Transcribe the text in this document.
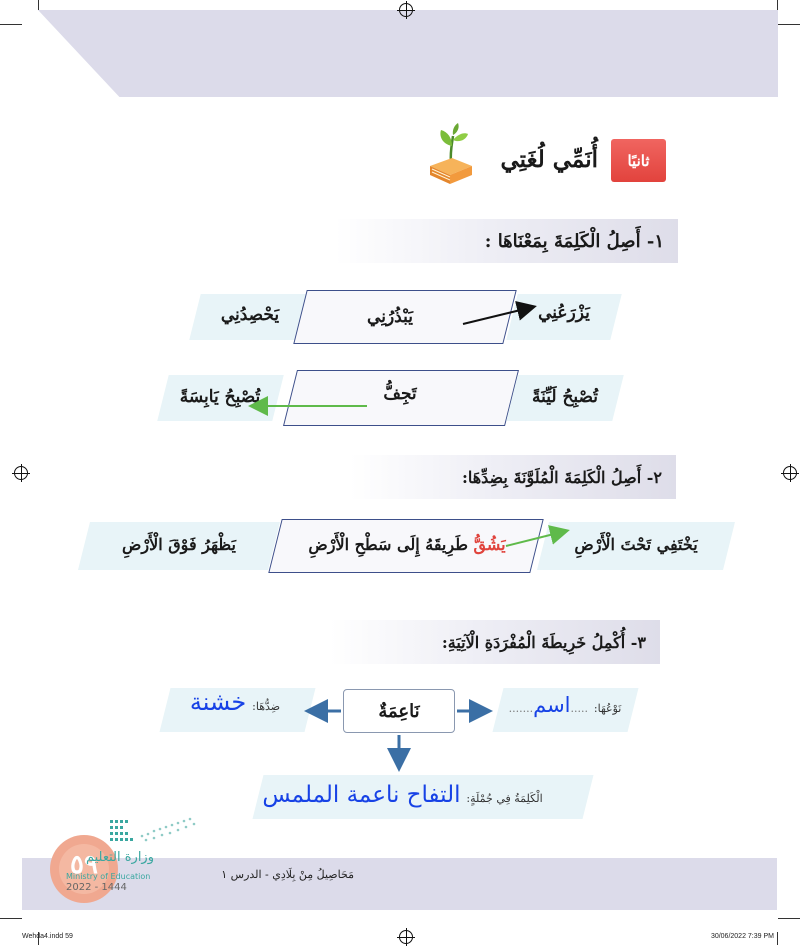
ثانيًا
أُنَمِّي لُغَتِي
١- أَصِلُ الْكَلِمَةَ بِمَعْنَاهَا :
يَحْصِدُنِي	يَبْذُرُنِي	يَزْرَعُنِي
تُصْبِحُ يَابِسَةً	تَجِفُّ	تُصْبِحُ لَيِّنَةً
٢- أَصِلُ الْكَلِمَةَ الْمُلَوَّنَةَ بِضِدِّهَا:
يَظْهَرُ فَوْقَ الْأَرْضِ	يَشُقُّ طَرِيقَهُ إِلَى سَطْحِ الْأَرْضِ	يَخْتَفِي تَحْتَ الْأَرْضِ
٣- أُكْمِلُ خَرِيطَةَ الْمُفْرَدَةِ الْآتِيَةِ:
نَاعِمَةٌ	نَوْعُهَا: .....اسم.......
ضِدُّهَا: خشنة
الْكَلِمَةُ فِي جُمْلَةٍ: التفاح ناعمة الملمس
٥٩
وزارة التعليم
Ministry of Education
2022 - 1444
مَحَاصِيلُ مِنْ بِلَادِي - الدرس ١
Wehda4.indd 59	30/06/2022 7:39 PM
